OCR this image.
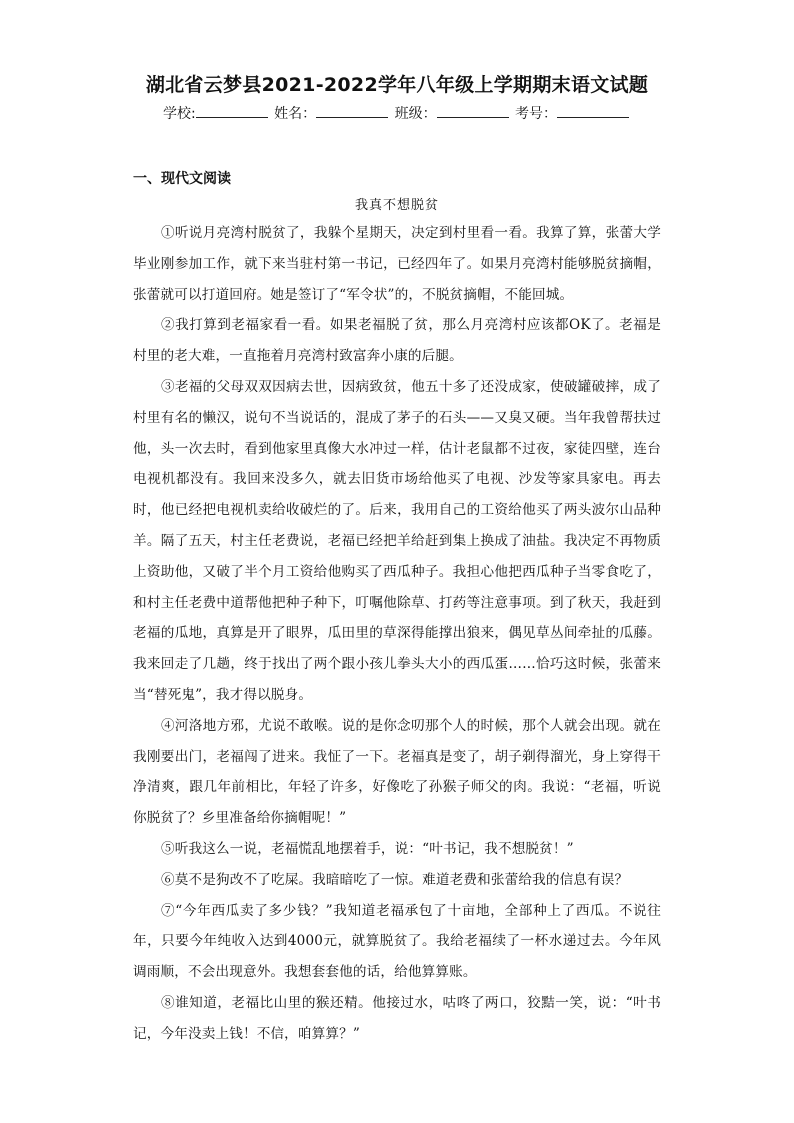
湖北省云梦县2021-2022学年八年级上学期期末语文试题
学校:	姓名：	班级：	考号：
一、现代文阅读
我真不想脱贫

①听说月亮湾村脱贫了，我躲个星期天，决定到村里看一看。我算了算，张蕾大学毕业刚参加工作，就下来当驻村第一书记，已经四年了。如果月亮湾村能够脱贫摘帽，张蕾就可以打道回府。她是签订了“军令状”的，不脱贫摘帽，不能回城。

②我打算到老福家看一看。如果老福脱了贫，那么月亮湾村应该都OK了。老福是村里的老大难，一直拖着月亮湾村致富奔小康的后腿。

③老福的父母双双因病去世，因病致贫，他五十多了还没成家，使破罐破摔，成了村里有名的懒汉，说句不当说话的，混成了茅子的石头——又臭又硬。当年我曾帮扶过他，头一次去时，看到他家里真像大水冲过一样，估计老鼠都不过夜，家徒四壁，连台电视机都没有。我回来没多久，就去旧货市场给他买了电视、沙发等家具家电。再去时，他已经把电视机卖给收破烂的了。后来，我用自己的工资给他买了两头波尔山品种羊。隔了五天，村主任老费说，老福已经把羊给赶到集上换成了油盐。我决定不再物质上资助他，又破了半个月工资给他购买了西瓜种子。我担心他把西瓜种子当零食吃了，和村主任老费中道帮他把种子种下，叮嘱他除草、打药等注意事项。到了秋天，我赶到老福的瓜地，真算是开了眼界，瓜田里的草深得能撑出狼来，偶见草丛间牵扯的瓜藤。我来回走了几趟，终于找出了两个跟小孩儿拳头大小的西瓜蛋……恰巧这时候，张蕾来当“替死鬼”，我才得以脱身。

④河洛地方邪，尤说不敢喉。说的是你念叨那个人的时候，那个人就会出现。就在我刚要出门，老福闯了进来。我怔了一下。老福真是变了，胡子剃得溜光，身上穿得干净清爽，跟几年前相比，年轻了许多，好像吃了孙猴子师父的肉。我说：“老福，听说你脱贫了？乡里准备给你摘帽呢！”

⑤听我这么一说，老福慌乱地摆着手，说：“叶书记，我不想脱贫！”

⑥莫不是狗改不了吃屎。我暗暗吃了一惊。难道老费和张蕾给我的信息有误？

⑦“今年西瓜卖了多少钱？”我知道老福承包了十亩地，全部种上了西瓜。不说往年，只要今年纯收入达到4000元，就算脱贫了。我给老福续了一杯水递过去。今年风调雨顺，不会出现意外。我想套套他的话，给他算算账。

⑧谁知道，老福比山里的猴还精。他接过水，咕咚了两口，狡黠一笑，说：“叶书记，今年没卖上钱！不信，咱算算？”
